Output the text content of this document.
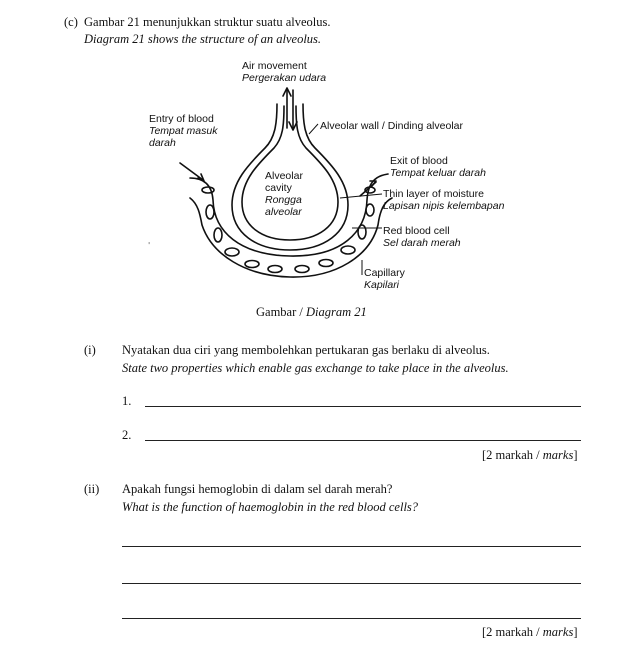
(c) Gambar 21 menunjukkan struktur suatu alveolus.
Diagram 21 shows the structure of an alveolus.
'
Air movement
Pergerakan udara
Entry of blood
Tempat masuk
darah
Alveolar wall / Dinding alveolar
Exit of blood
Tempat keluar darah
Alveolar
cavity
Rongga
alveolar
Thin layer of moisture
Lapisan nipis kelembapan
Red blood cell
Sel darah merah
Capillary
Kapilari
Gambar / Diagram 21
(i) Nyatakan dua ciri yang membolehkan pertukaran gas berlaku di alveolus.
State two properties which enable gas exchange to take place in the alveolus.
1.
2.
[2 markah / marks]
(ii) Apakah fungsi hemoglobin di dalam sel darah merah?
What is the function of haemoglobin in the red blood cells?
[2 markah / marks]
